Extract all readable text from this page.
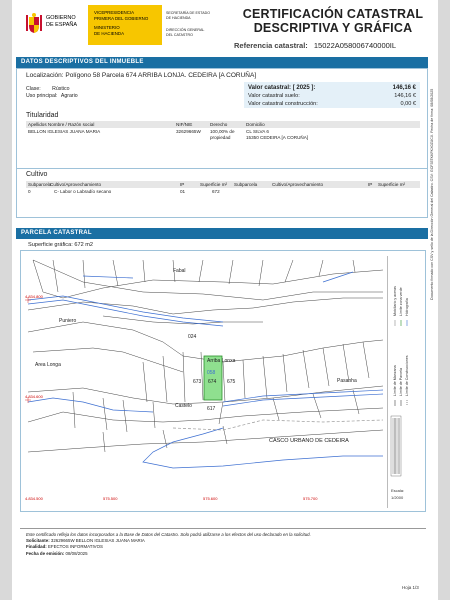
GOBIERNO
DE ESPAÑA
VICEPRESIDENCIA
PRIMERA DEL GOBIERNO
MINISTERIO
DE HACIENDA
SECRETARÍA DE ESTADO
DE HACIENDA
DIRECCIÓN GENERAL
DEL CATASTRO
CERTIFICACIÓN CATASTRAL
DESCRIPTIVA Y GRÁFICA
Referencia catastral: 15022A058006740000IL
DATOS DESCRIPTIVOS DEL INMUEBLE
Localización: Polígono 58 Parcela 674 ARRIBA LONJA. CEDEIRA [A CORUÑA]
Clase: Rústico
Uso principal: Agrario
Valor catastral: [ 2025 ]:	146,16 €
Valor catastral suelo:	146,16 €
Valor catastral construcción:	0,00 €
Titularidad
Apellidos Nombre / Razón social	NIF/NIE	Derecho	Domicilio
BELLON IGLESIAS JUANA MARIA	32629665W 100,00% de
propiedad
CL SILVA 6
15350 CEDEIRA [A CORUÑA]
Cultivo
Subparcela
Cultivo/Aprovechamiento	IP	Superficie m² Subparcela	Cultivo/Aprovechamiento	IP Superficie m²
0	C- Labor o Labradío secano	01	672
PARCELA CATASTRAL
Superficie gráfica: 672 m2
Fabal
Puniero
Area Longa
Arriba Lonxa
Castelo
Pasanha
CASCO URBANO DE CEDEIRA
024
674
058
673	675
617
4.834.800
4.834.600
4.834.500	575.500	575.600	575.700
Límite de Manzana Límite de Parcela Límite de Construcciones
Mobiliario y aceras Límite zona verde Hidrografía
Escala:
1/2000
Documento firmado con CSV y sello de la Dirección General del Catastro. CSV: GCF35TKKFKX0ZUCX. Fecha de firma: 08/08/2025
Este certificado refleja los datos incorporados a la Base de Datos del Catastro. Solo podrá utilizarse a los efectos del uso declarado en la solicitud.
Solicitante: 32629665W BELLON IGLESIAS JUANA MARIA
Finalidad: EFECTOS INFORMATIVOS
Fecha de emisión: 08/08/2025
Hoja 1/3
